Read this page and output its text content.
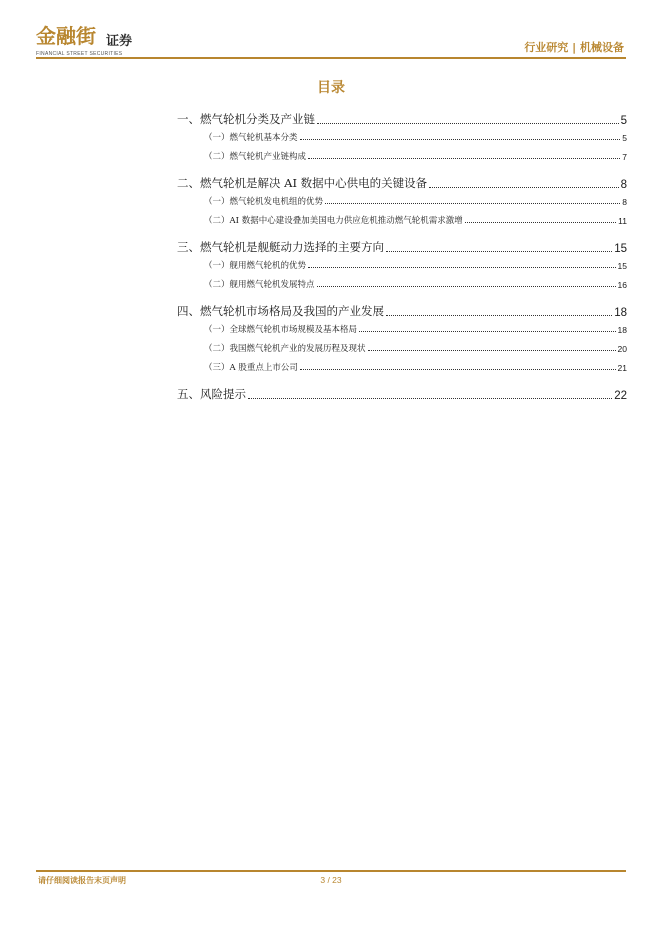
金融街 证券
FINANCIAL STREET SECURITIES	行业研究 | 机械设备
目录
一、燃气轮机分类及产业链	5
（一）燃气轮机基本分类	5
（二）燃气轮机产业链构成	7
二、燃气轮机是解决 AI 数据中心供电的关键设备	8
（一）燃气轮机发电机组的优势	8
（二）AI 数据中心建设叠加美国电力供应危机推动燃气轮机需求激增	11
三、燃气轮机是舰艇动力选择的主要方向	15
（一）舰用燃气轮机的优势	15
（二）舰用燃气轮机发展特点	16
四、燃气轮机市场格局及我国的产业发展	18
（一）全球燃气轮机市场规模及基本格局	18
（二）我国燃气轮机产业的发展历程及现状	20
（三）A 股重点上市公司	21
五、风险提示	22
请仔细阅读报告末页声明	3 / 23
